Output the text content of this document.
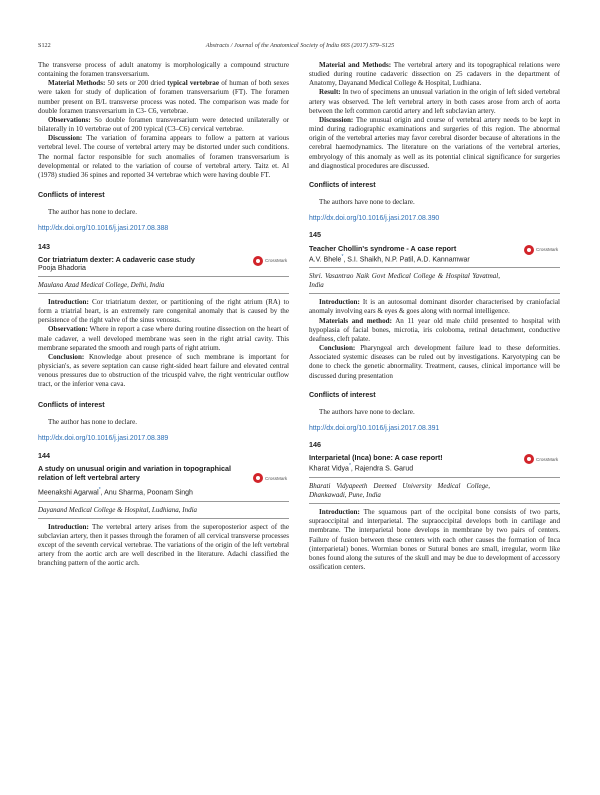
S122	Abstracts / Journal of the Anatomical Society of India 66S (2017) S79–S125

The transverse process of adult anatomy is morphologically a compound structure containing the foramen transversarium.

Material Methods: 50 sets or 200 dried typical vertebrae of human of both sexes were taken for study of duplication of foramen transversarium (FT). The foramen number present on B/L transverse process was noted. The comparison was made for double foramen transversarium in C3- C6, vertebrae.

Observations: So double foramen transversarium were detected unilaterally or bilaterally in 10 vertebrae out of 200 typical (C3–C6) cervical vertebrae.

Discussion: The variation of foramina appears to follow a pattern at various vertebral level. The course of vertebral artery may be distorted under such conditions. The normal factor responsible for such anomalies of foramen transversarium is developmental or related to the variation of course of vertebral artery. Taitz et. Al (1978) studied 36 spines and reported 34 vertebrae which were having double FT.

Conflicts of interest

The author has none to declare.

http://dx.doi.org/10.1016/j.jasi.2017.08.388

143

Cor triatriatum dexter: A cadaveric case study	CrossMark

Pooja Bhadoria

Maulana Azad Medical College, Delhi, India

Introduction: Cor triatriatum dexter, or partitioning of the right atrium (RA) to form a triatrial heart, is an extremely rare congenital anomaly that is caused by the persistence of the right valve of the sinus venosus.

Observation: Where in report a case where during routine dissection on the heart of male cadaver, a well developed membrane was seen in the right atrial cavity. This membrane separated the smooth and rough parts of right atrium.

Conclusion: Knowledge about presence of such membrane is important for physician's, as severe septation can cause right-sided heart failure and elevated central venous pressures due to obstruction of the tricuspid valve, the right ventricular outflow tract, or the inferior vena cava.

Conflicts of interest

The author has none to declare.

http://dx.doi.org/10.1016/j.jasi.2017.08.389

144

A study on unusual origin and variation in topographical relation of left vertebral artery	CrossMark

Meenakshi Agarwal*, Anu Sharma, Poonam Singh

Dayanand Medical College & Hospital, Ludhiana, India

Introduction: The vertebral artery arises from the superoposterior aspect of the subclavian artery, then it passes through the foramen of all cervical transverse processes except of the seventh cervical vertebrae. The variations of the origin of the left vertebral artery from the aortic arch are well described in the literature. Adachi classified the branching pattern of the aortic arch.

Material and Methods: The vertebral artery and its topographical relations were studied during routine cadaveric dissection on 25 cadavers in the department of Anatomy, Dayanand Medical College & Hospital, Ludhiana.

Result: In two of specimens an unusual variation in the origin of left sided vertebral artery was observed. The left vertebral artery in both cases arose from arch of aorta between the left common carotid artery and left subclavian artery.

Discussion: The unusual origin and course of vertebral artery needs to be kept in mind during radiographic examinations and surgeries of this region. The abnormal origin of the vertebral arteries may favor cerebral disorder because of alterations in the cerebral haemodynamics. The literature on the variations of the vertebral arteries, embryology of this anomaly as well as its potential clinical significance for surgeries and diagnostical procedures are discussed.

Conflicts of interest

The authors have none to declare.

http://dx.doi.org/10.1016/j.jasi.2017.08.390

145

Teacher Chollin's syndrome - A case report	CrossMark

A.V. Bhele*, S.I. Shaikh, N.P. Patil, A.D. Kannamwar

Shri. Vasantrao Naik Govt Medical College & Hospital Yavatmal, India

Introduction: It is an autosomal dominant disorder characterised by craniofacial anomaly involving ears & eyes & goes along with normal intelligence.

Materials and method: An 11 year old male child presented to hospital with hypoplasia of facial bones, microtia, iris coloboma, retinal detachment, conductive deafness, cleft palate.

Conclusion: Pharyngeal arch development failure lead to these deformities. Associated systemic diseases can be ruled out by investigations. Karyotyping can be done to check the genetic abnormality. Treatment, causes, clinical importance will be discussed during presentation

Conflicts of interest

The authors have none to declare.

http://dx.doi.org/10.1016/j.jasi.2017.08.391

146

Interparietal (Inca) bone: A case report!	CrossMark

Kharat Vidya*, Rajendra S. Garud

Bharati Vidyapeeth Deemed University Medical College, Dhankawadi, Pune, India

Introduction: The squamous part of the occipital bone consists of two parts, supraoccipital and interparietal. The supraoccipital develops both in cartilage and membrane. The interparietal bone develops in membrane by two pairs of centers. Failure of fusion between these centers with each other causes the formation of Inca (interparietal) bones. Wormian bones or Sutural bones are small, irregular, worm like bones found along the sutures of the skull and may be due to development of accessory ossification centers.
